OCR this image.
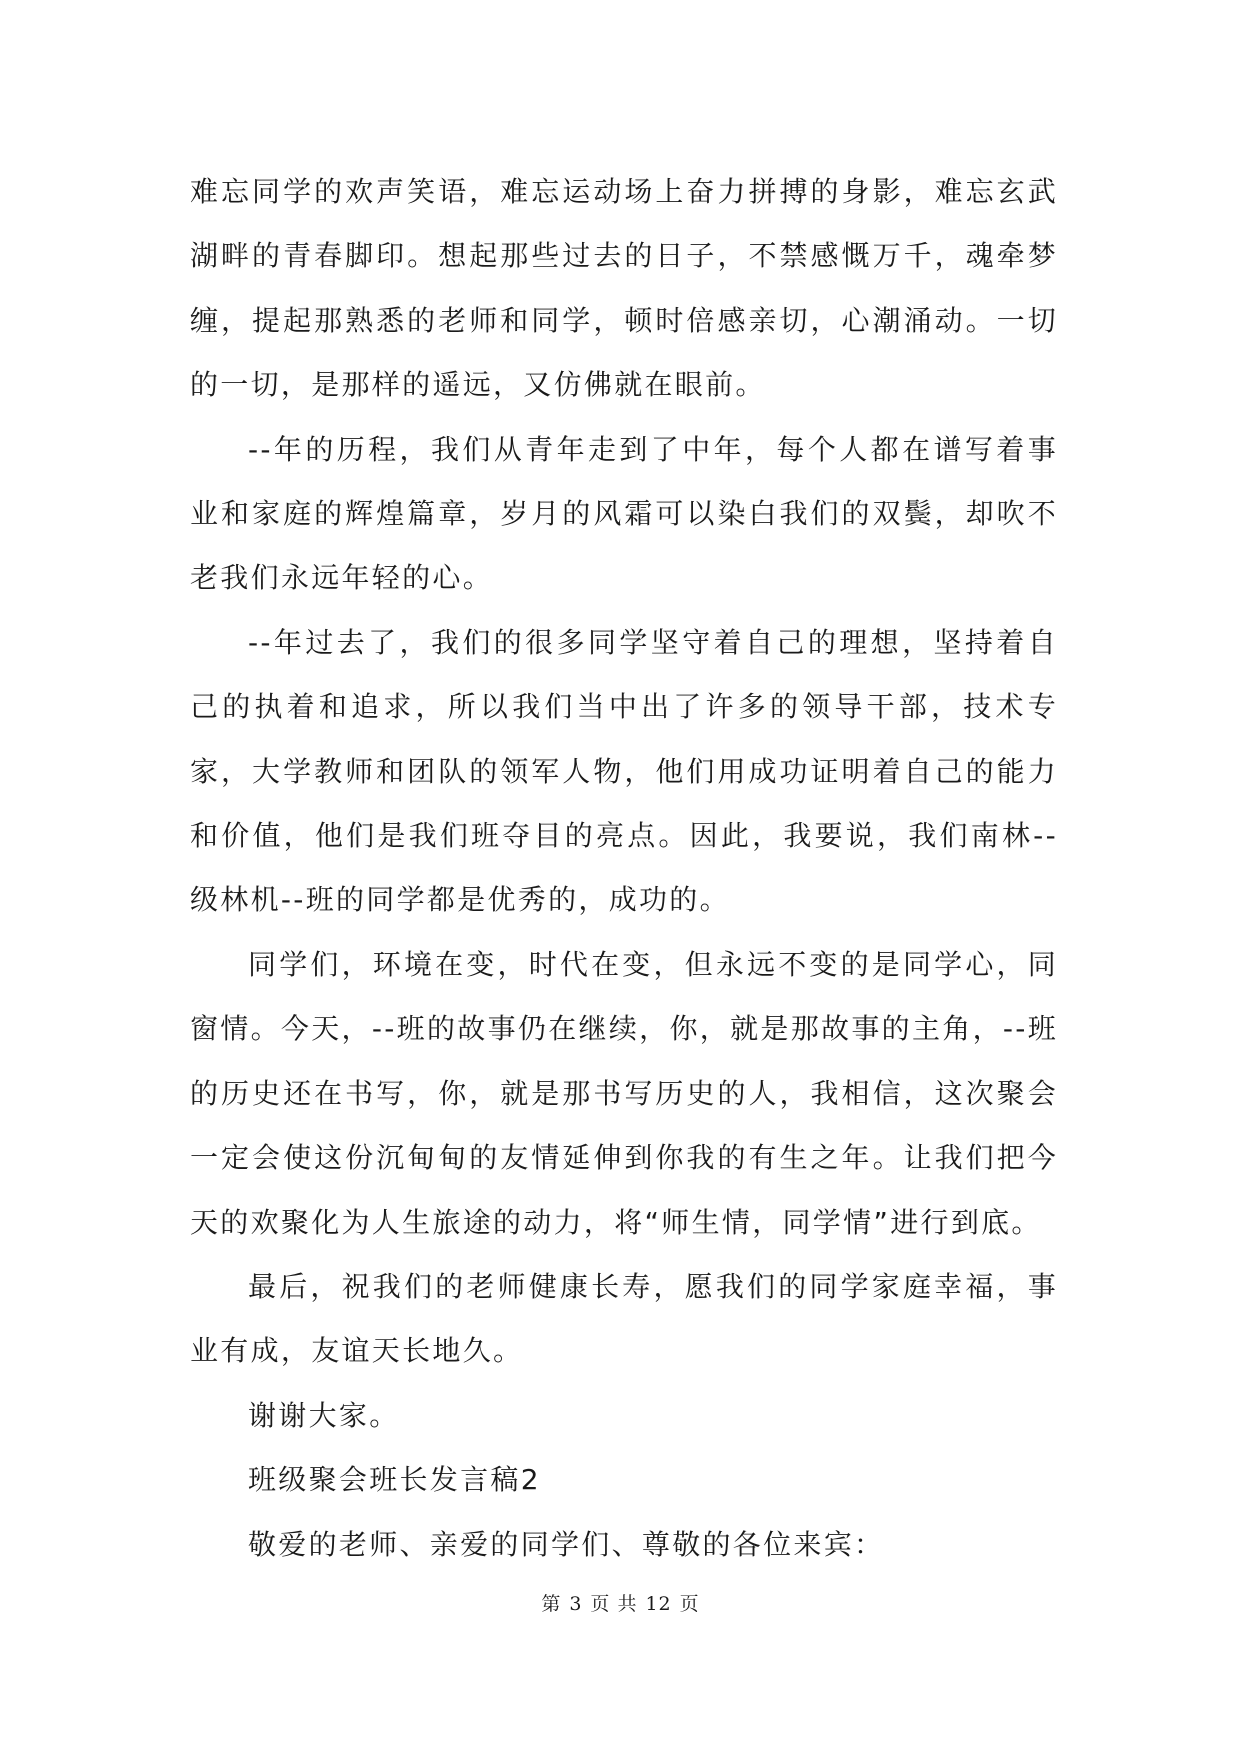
难忘同学的欢声笑语，难忘运动场上奋力拼搏的身影，难忘玄武湖畔的青春脚印。想起那些过去的日子，不禁感慨万千，魂牵梦缠，提起那熟悉的老师和同学，顿时倍感亲切，心潮涌动。一切的一切，是那样的遥远，又仿佛就在眼前。

--年的历程，我们从青年走到了中年，每个人都在谱写着事业和家庭的辉煌篇章，岁月的风霜可以染白我们的双鬓，却吹不老我们永远年轻的心。

--年过去了，我们的很多同学坚守着自己的理想，坚持着自己的执着和追求，所以我们当中出了许多的领导干部，技术专家，大学教师和团队的领军人物，他们用成功证明着自己的能力和价值，他们是我们班夺目的亮点。因此，我要说，我们南林--级林机--班的同学都是优秀的，成功的。

同学们，环境在变，时代在变，但永远不变的是同学心，同窗情。今天，--班的故事仍在继续，你，就是那故事的主角，--班的历史还在书写，你，就是那书写历史的人，我相信，这次聚会一定会使这份沉甸甸的友情延伸到你我的有生之年。让我们把今天的欢聚化为人生旅途的动力，将“师生情，同学情”进行到底。

最后，祝我们的老师健康长寿，愿我们的同学家庭幸福，事业有成，友谊天长地久。

谢谢大家。

班级聚会班长发言稿2

敬爱的老师、亲爱的同学们、尊敬的各位来宾：

第 3 页 共 12 页
